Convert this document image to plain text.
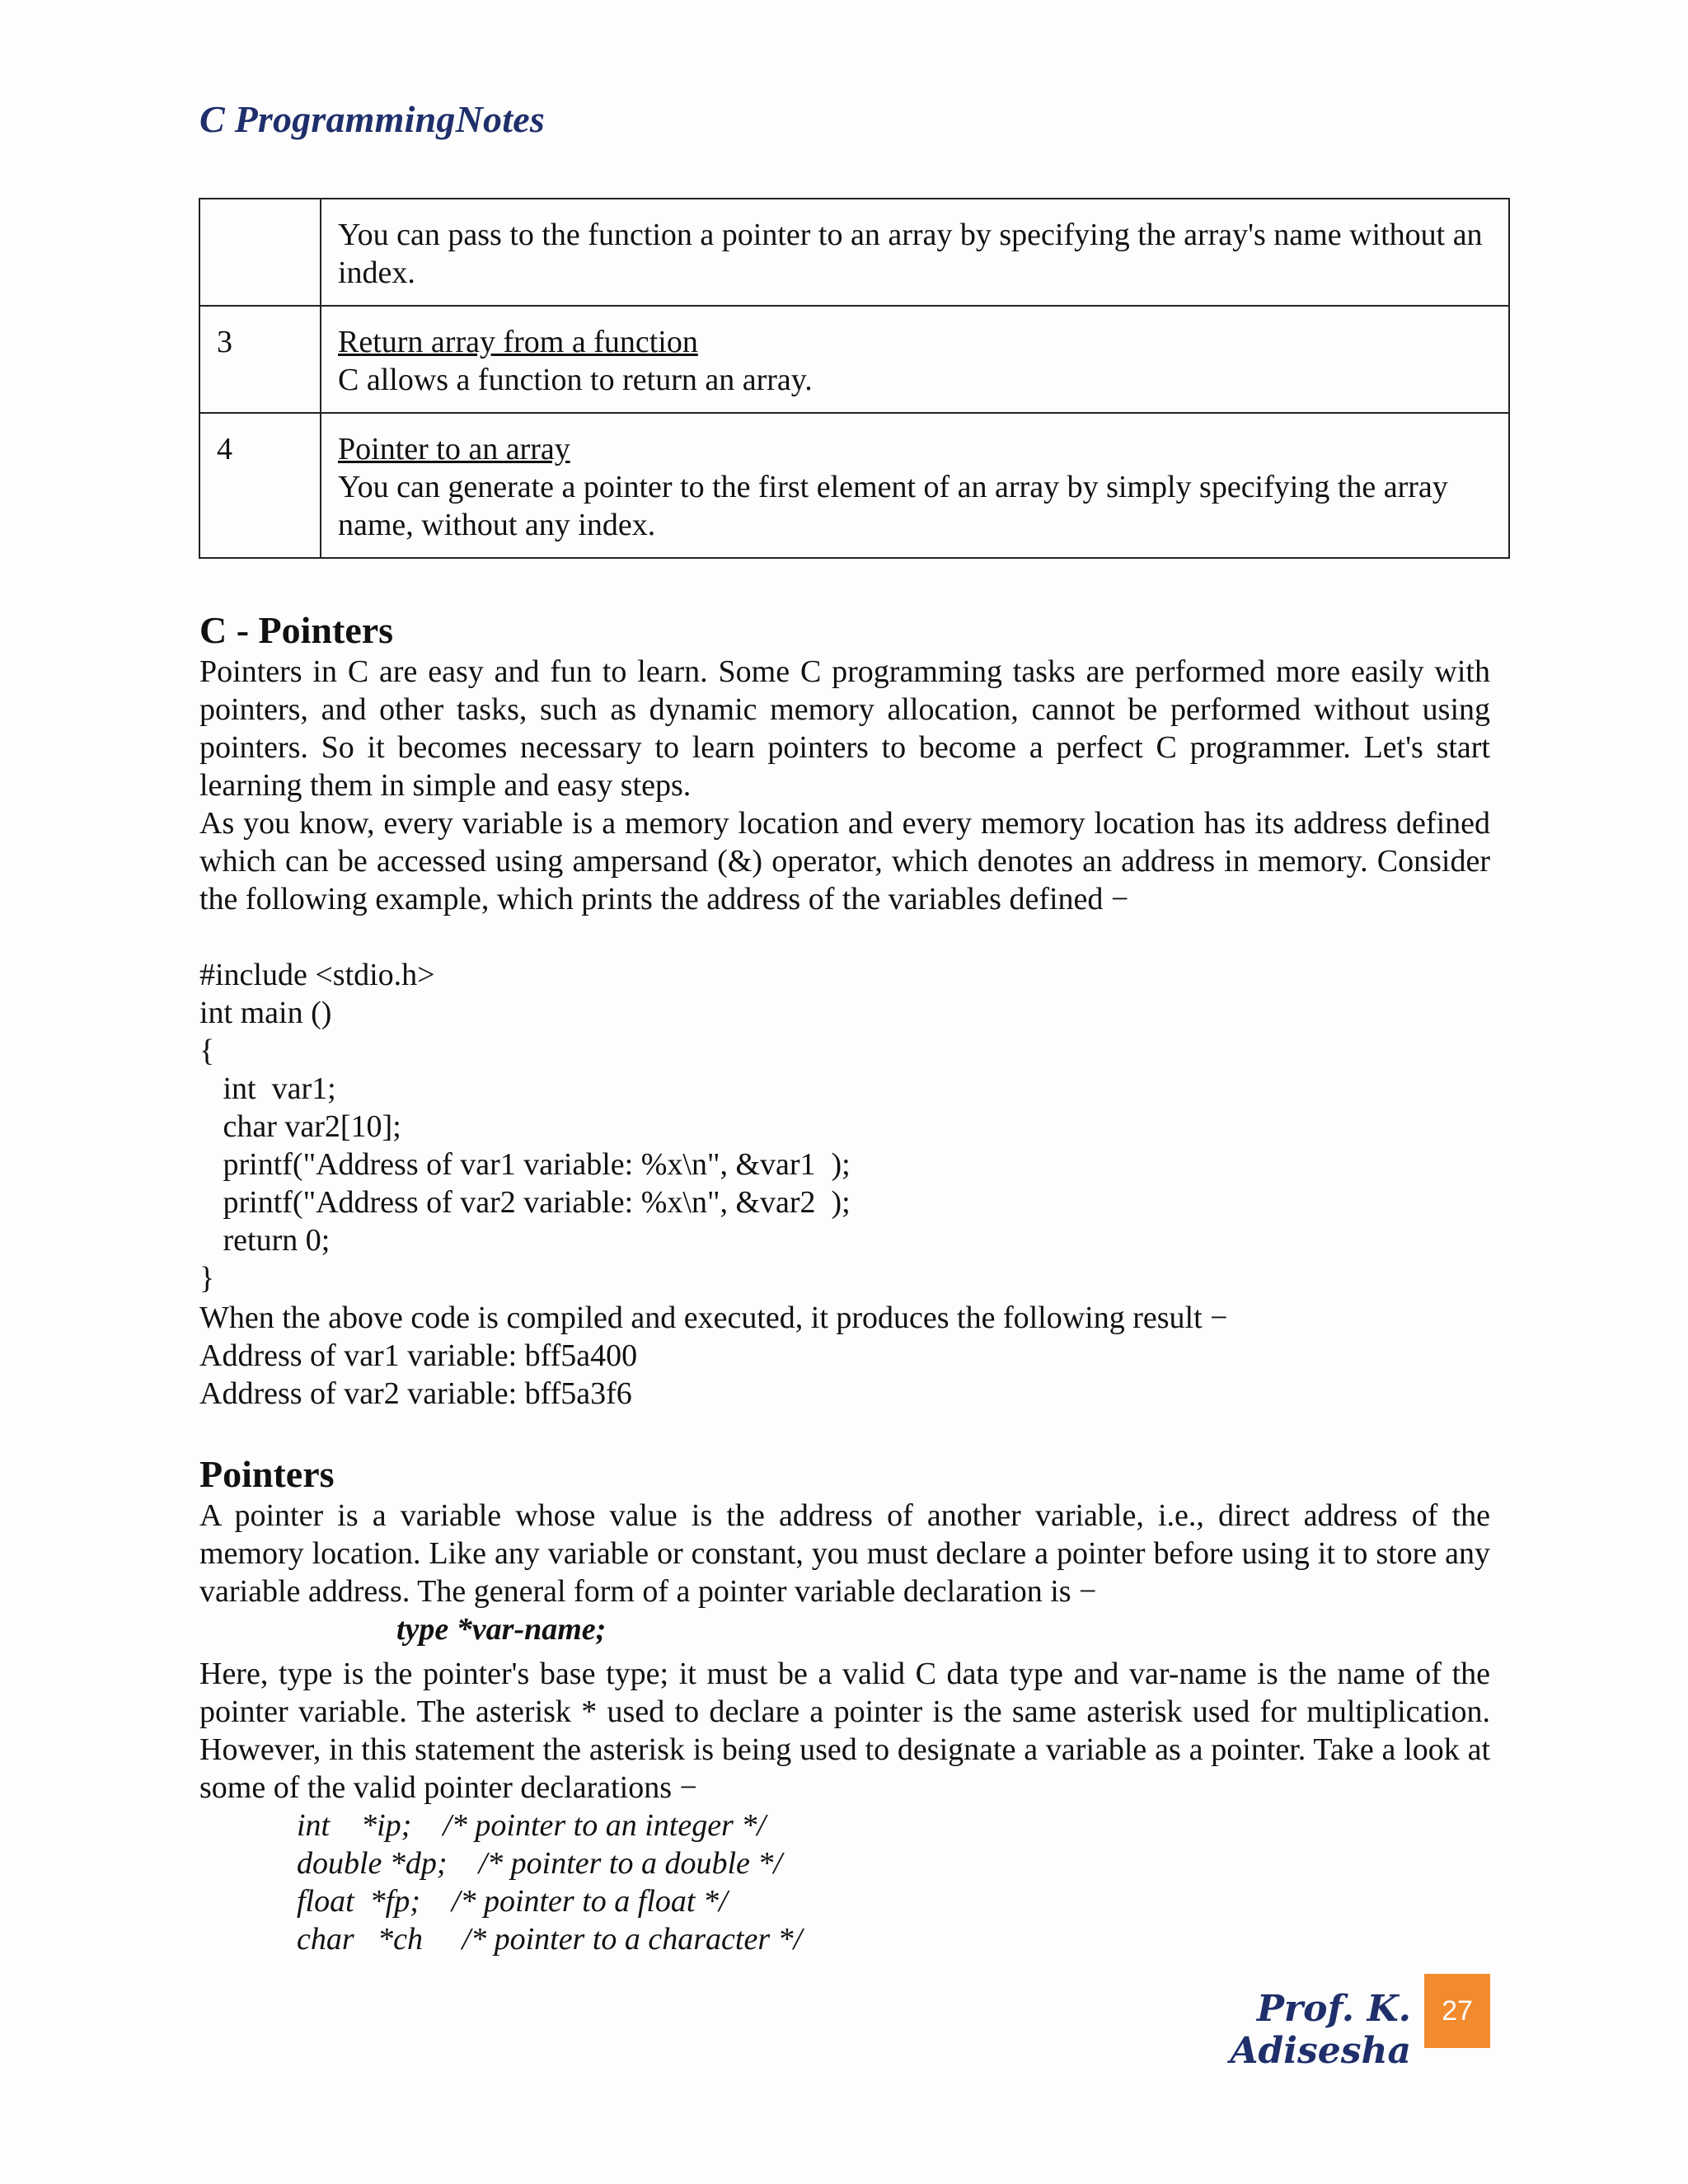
C ProgrammingNotes
	You can pass to the function a pointer to an array by specifying the array's name without an index.
3	Return array from a function
C allows a function to return an array.
4	Pointer to an array
You can generate a pointer to the first element of an array by simply specifying the array name, without any index.
C - Pointers

Pointers in C are easy and fun to learn. Some C programming tasks are performed more easily with pointers, and other tasks, such as dynamic memory allocation, cannot be performed without using pointers. So it becomes necessary to learn pointers to become a perfect C programmer. Let's start learning them in simple and easy steps.

As you know, every variable is a memory location and every memory location has its address defined which can be accessed using ampersand (&) operator, which denotes an address in memory. Consider the following example, which prints the address of the variables defined −

#include <stdio.h>
int main ()
{
int  var1;
char var2[10];
printf("Address of var1 variable: %x\n", &var1  );
printf("Address of var2 variable: %x\n", &var2  );
return 0;
}

When the above code is compiled and executed, it produces the following result −

Address of var1 variable: bff5a400

Address of var2 variable: bff5a3f6

Pointers

A pointer is a variable whose value is the address of another variable, i.e., direct address of the memory location. Like any variable or constant, you must declare a pointer before using it to store any variable address. The general form of a pointer variable declaration is −

type *var-name;

Here, type is the pointer's base type; it must be a valid C data type and var-name is the name of the pointer variable. The asterisk * used to declare a pointer is the same asterisk used for multiplication. However, in this statement the asterisk is being used to designate a variable as a pointer. Take a look at some of the valid pointer declarations −

int    *ip;    /* pointer to an integer */

double *dp;    /* pointer to a double */

float  *fp;    /* pointer to a float */

char   *ch     /* pointer to a character */

Prof. K. Adisesha

27
